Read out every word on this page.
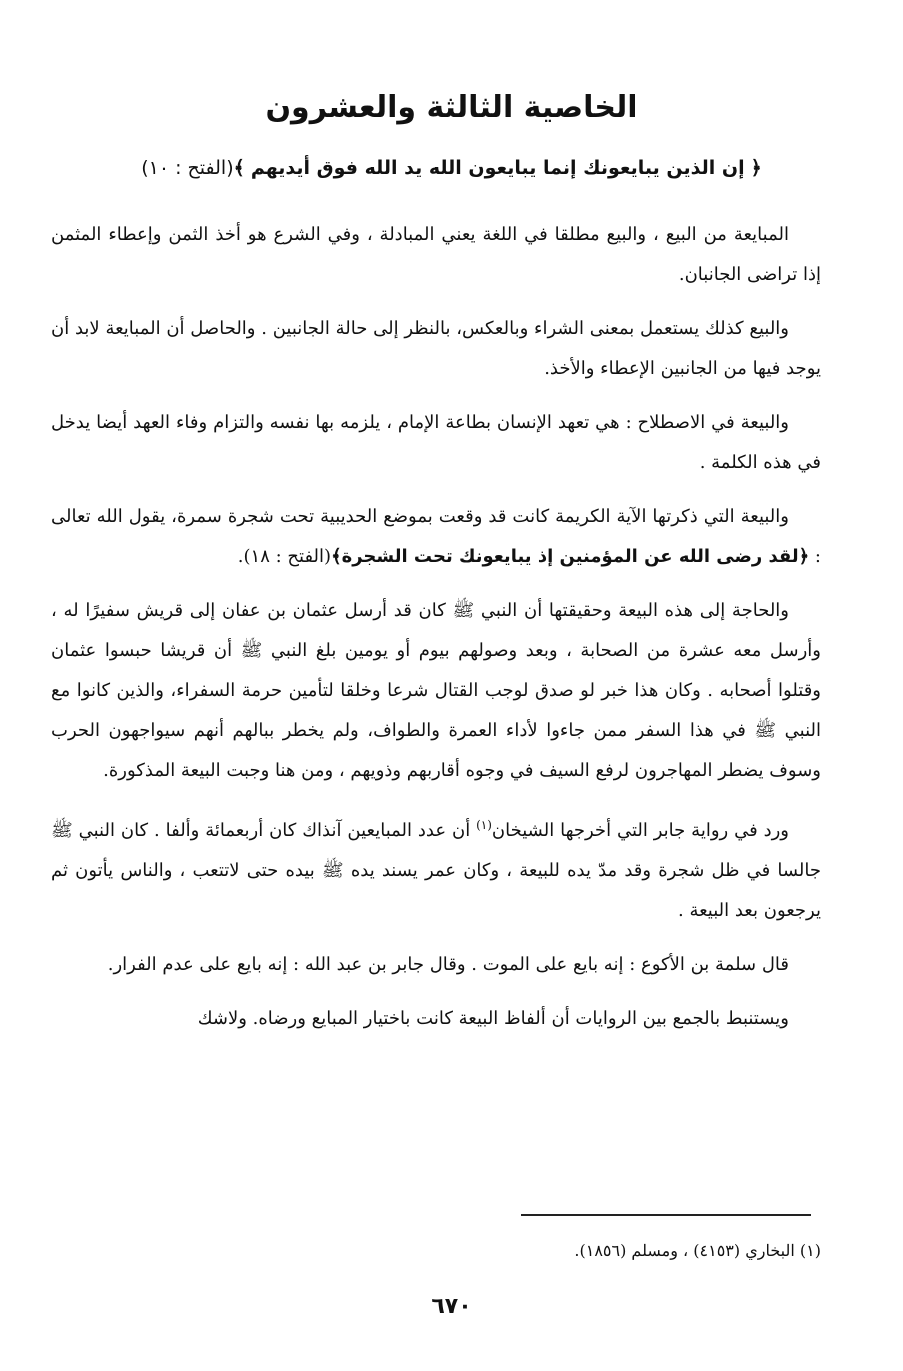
الخاصية الثالثة والعشرون

﴿ إن الذين يبايعونك إنما يبايعون الله يد الله فوق أيديهم ﴾(الفتح : ١٠)

المبايعة من البيع ، والبيع مطلقا في اللغة يعني المبادلة ، وفي الشرع هو أخذ الثمن وإعطاء المثمن إذا تراضى الجانبان.

والبيع كذلك يستعمل بمعنى الشراء وبالعكس، بالنظر إلى حالة الجانبين . والحاصل أن المبايعة لابد أن يوجد فيها من الجانبين الإعطاء والأخذ.

والبيعة في الاصطلاح : هي تعهد الإنسان بطاعة الإمام ، يلزمه بها نفسه والتزام وفاء العهد أيضا يدخل في هذه الكلمة .

والبيعة التي ذكرتها الآية الكريمة كانت قد وقعت بموضع الحديبية تحت شجرة سمرة، يقول الله تعالى : ﴿لقد رضى الله عن المؤمنين إذ يبايعونك تحت الشجرة﴾(الفتح : ١٨).

والحاجة إلى هذه البيعة وحقيقتها أن النبي ﷺ كان قد أرسل عثمان بن عفان إلى قريش سفيرًا له ، وأرسل معه عشرة من الصحابة ، وبعد وصولهم بيوم أو يومين بلغ النبي ﷺ أن قريشا حبسوا عثمان وقتلوا أصحابه . وكان هذا خبر لو صدق لوجب القتال شرعا وخلقا لتأمين حرمة السفراء، والذين كانوا مع النبي ﷺ في هذا السفر ممن جاءوا لأداء العمرة والطواف، ولم يخطر ببالهم أنهم سيواجهون الحرب وسوف يضطر المهاجرون لرفع السيف في وجوه أقاربهم وذويهم ، ومن هنا وجبت البيعة المذكورة.

ورد في رواية جابر التي أخرجها الشيخان$^{(١)}$ أن عدد المبايعين آنذاك كان أربعمائة وألفا . كان النبي ﷺ جالسا في ظل شجرة وقد مدّ يده للبيعة ، وكان عمر يسند يده ﷺ بيده حتى لاتتعب ، والناس يأتون ثم يرجعون بعد البيعة .

قال سلمة بن الأكوع : إنه بايع على الموت . وقال جابر بن عبد الله : إنه بايع على عدم الفرار.

ويستنبط بالجمع بين الروايات أن ألفاظ البيعة كانت باختيار المبايع ورضاه. ولاشك

(١) البخاري (٤١٥٣) ، ومسلم (١٨٥٦).

٦٧٠
